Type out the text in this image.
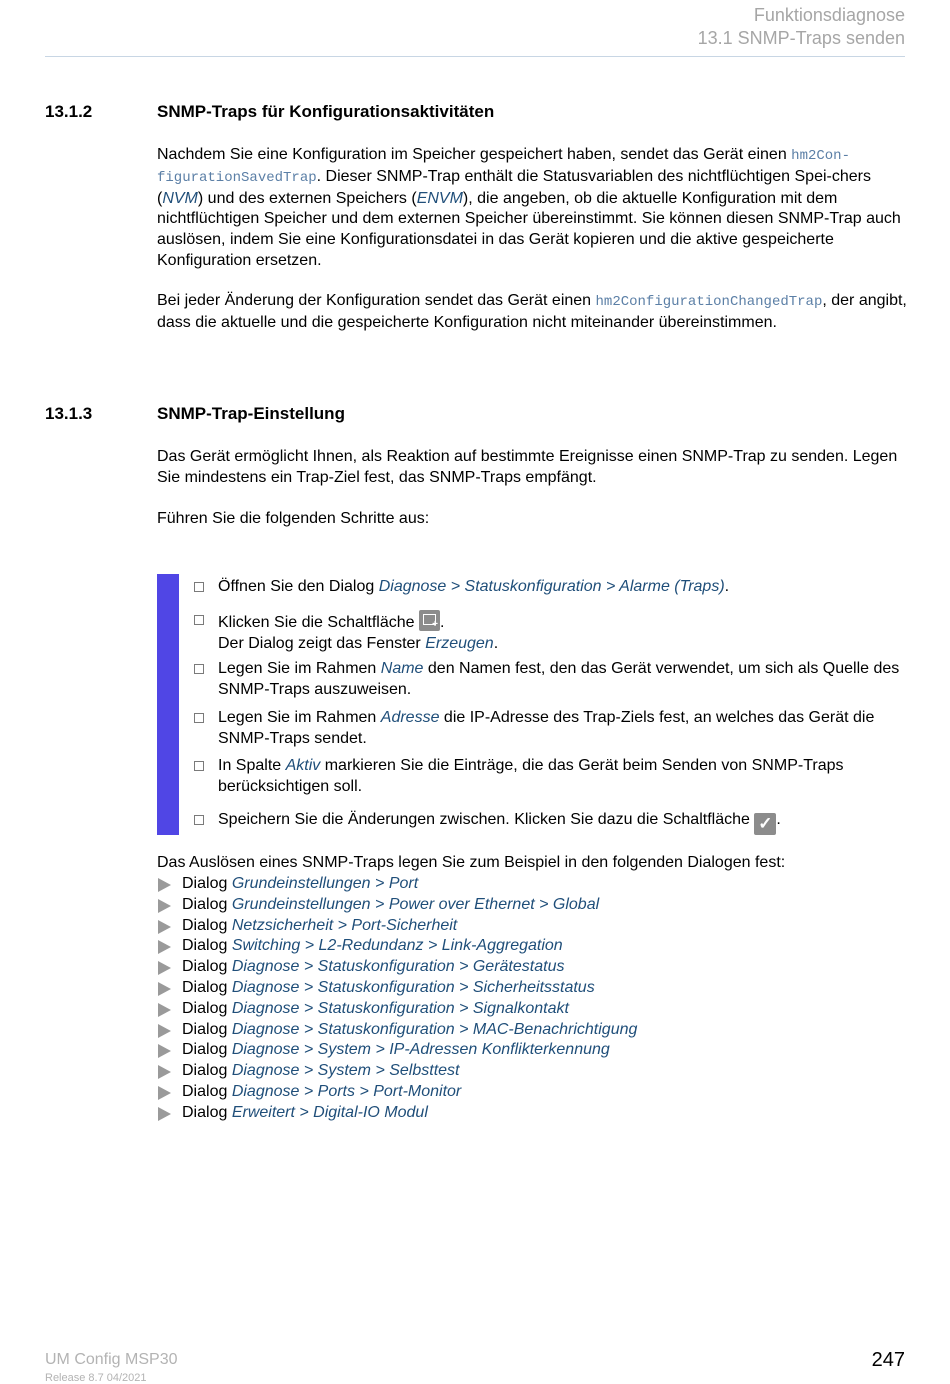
Funktionsdiagnose
13.1 SNMP-Traps senden
13.1.2	SNMP-Traps für Konfigurationsaktivitäten

Nachdem Sie eine Konfiguration im Speicher gespeichert haben, sendet das Gerät einen hm2Con-
figurationSavedTrap. Dieser SNMP-Trap enthält die Statusvariablen des nichtflüchtigen Spei-chers (NVM) und des externen Speichers (ENVM), die angeben, ob die aktuelle Konfiguration mit dem nichtflüchtigen Speicher und dem externen Speicher übereinstimmt. Sie können diesen SNMP-Trap auch auslösen, indem Sie eine Konfigurationsdatei in das Gerät kopieren und die aktive gespeicherte Konfiguration ersetzen.

Bei jeder Änderung der Konfiguration sendet das Gerät einen hm2ConfigurationChangedTrap, der angibt, dass die aktuelle und die gespeicherte Konfiguration nicht miteinander übereinstimmen.

13.1.3	SNMP-Trap-Einstellung

Das Gerät ermöglicht Ihnen, als Reaktion auf bestimmte Ereignisse einen SNMP-Trap zu senden. Legen Sie mindestens ein Trap-Ziel fest, das SNMP-Traps empfängt.

Führen Sie die folgenden Schritte aus:

Öffnen Sie den Dialog Diagnose > Statuskonfiguration > Alarme (Traps).
Klicken Sie die Schaltfläche + .
Der Dialog zeigt das Fenster Erzeugen.
Legen Sie im Rahmen Name den Namen fest, den das Gerät verwendet, um sich als Quelle des SNMP-Traps auszuweisen.
Legen Sie im Rahmen Adresse die IP-Adresse des Trap-Ziels fest, an welches das Gerät die SNMP-Traps sendet.
In Spalte Aktiv markieren Sie die Einträge, die das Gerät beim Senden von SNMP-Traps berücksichtigen soll.
Speichern Sie die Änderungen zwischen. Klicken Sie dazu die Schaltfläche ✓ .

Das Auslösen eines SNMP-Traps legen Sie zum Beispiel in den folgenden Dialogen fest:

Dialog Grundeinstellungen > Port
Dialog Grundeinstellungen > Power over Ethernet > Global
Dialog Netzsicherheit > Port-Sicherheit
Dialog Switching > L2-Redundanz > Link-Aggregation
Dialog Diagnose > Statuskonfiguration > Gerätestatus
Dialog Diagnose > Statuskonfiguration > Sicherheitsstatus
Dialog Diagnose > Statuskonfiguration > Signalkontakt
Dialog Diagnose > Statuskonfiguration > MAC-Benachrichtigung
Dialog Diagnose > System > IP-Adressen Konflikterkennung
Dialog Diagnose > System > Selbsttest
Dialog Diagnose > Ports > Port-Monitor
Dialog Erweitert > Digital-IO Modul
UM Config MSP30
Release 8.7 04/2021
247
